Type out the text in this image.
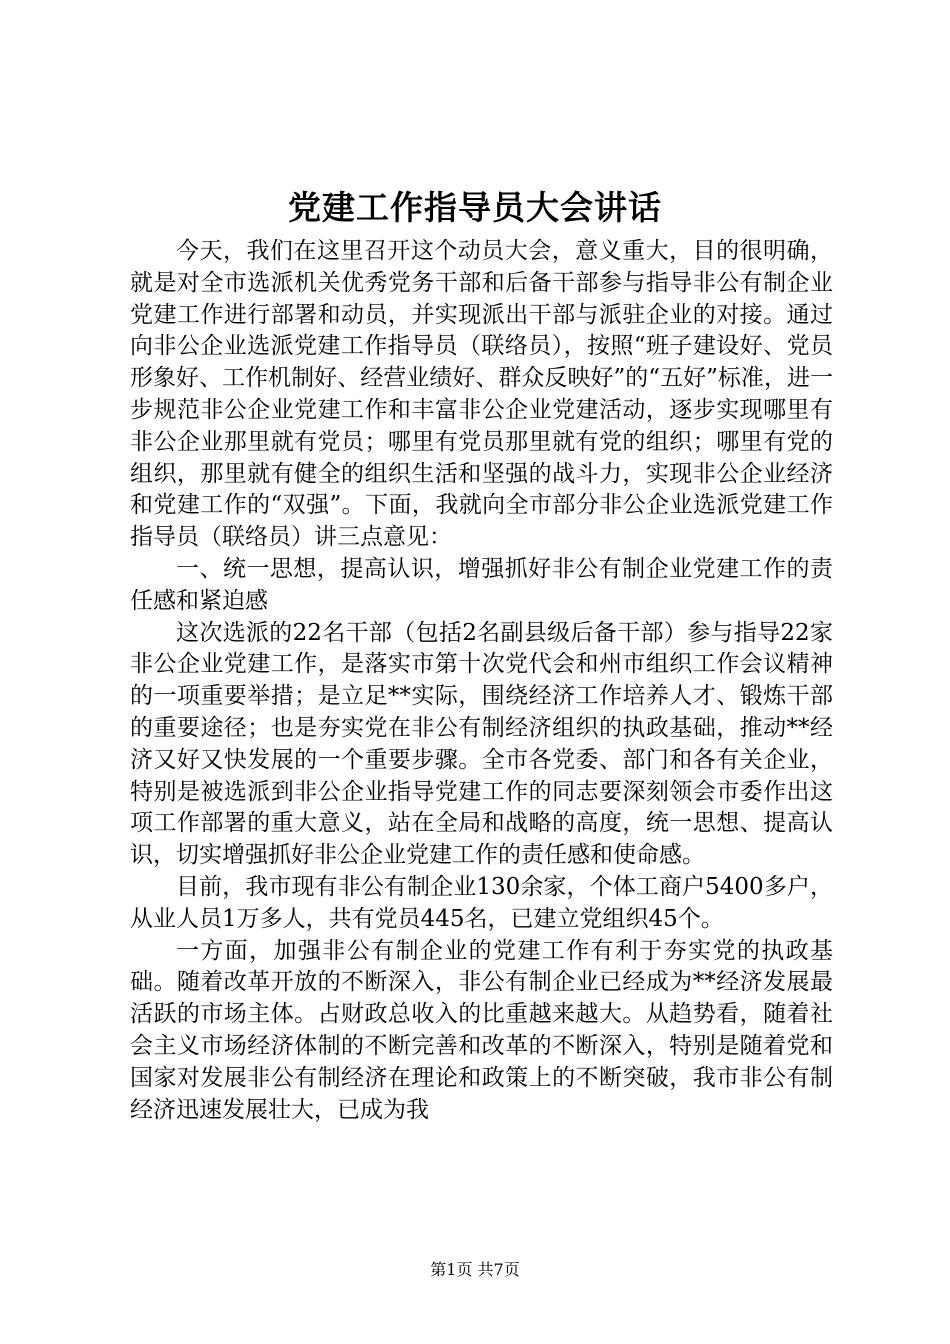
党建工作指导员大会讲话

今天，我们在这里召开这个动员大会，意义重大，目的很明确，就是对全市选派机关优秀党务干部和后备干部参与指导非公有制企业党建工作进行部署和动员，并实现派出干部与派驻企业的对接。通过向非公企业选派党建工作指导员（联络员），按照“班子建设好、党员形象好、工作机制好、经营业绩好、群众反映好”的“五好”标准，进一步规范非公企业党建工作和丰富非公企业党建活动，逐步实现哪里有非公企业那里就有党员；哪里有党员那里就有党的组织；哪里有党的组织，那里就有健全的组织生活和坚强的战斗力，实现非公企业经济和党建工作的“双强”。下面，我就向全市部分非公企业选派党建工作指导员（联络员）讲三点意见：

一、统一思想，提高认识，增强抓好非公有制企业党建工作的责任感和紧迫感

这次选派的22名干部（包括2名副县级后备干部）参与指导22家非公企业党建工作，是落实市第十次党代会和州市组织工作会议精神的一项重要举措；是立足**实际，围绕经济工作培养人才、锻炼干部的重要途径；也是夯实党在非公有制经济组织的执政基础，推动**经济又好又快发展的一个重要步骤。全市各党委、部门和各有关企业，特别是被选派到非公企业指导党建工作的同志要深刻领会市委作出这项工作部署的重大意义，站在全局和战略的高度，统一思想、提高认识，切实增强抓好非公企业党建工作的责任感和使命感。

目前，我市现有非公有制企业130余家，个体工商户5400多户，从业人员1万多人，共有党员445名，已建立党组织45个。

一方面，加强非公有制企业的党建工作有利于夯实党的执政基础。随着改革开放的不断深入，非公有制企业已经成为**经济发展最活跃的市场主体。占财政总收入的比重越来越大。从趋势看，随着社会主义市场经济体制的不断完善和改革的不断深入，特别是随着党和国家对发展非公有制经济在理论和政策上的不断突破，我市非公有制经济迅速发展壮大，已成为我

第1页 共7页
